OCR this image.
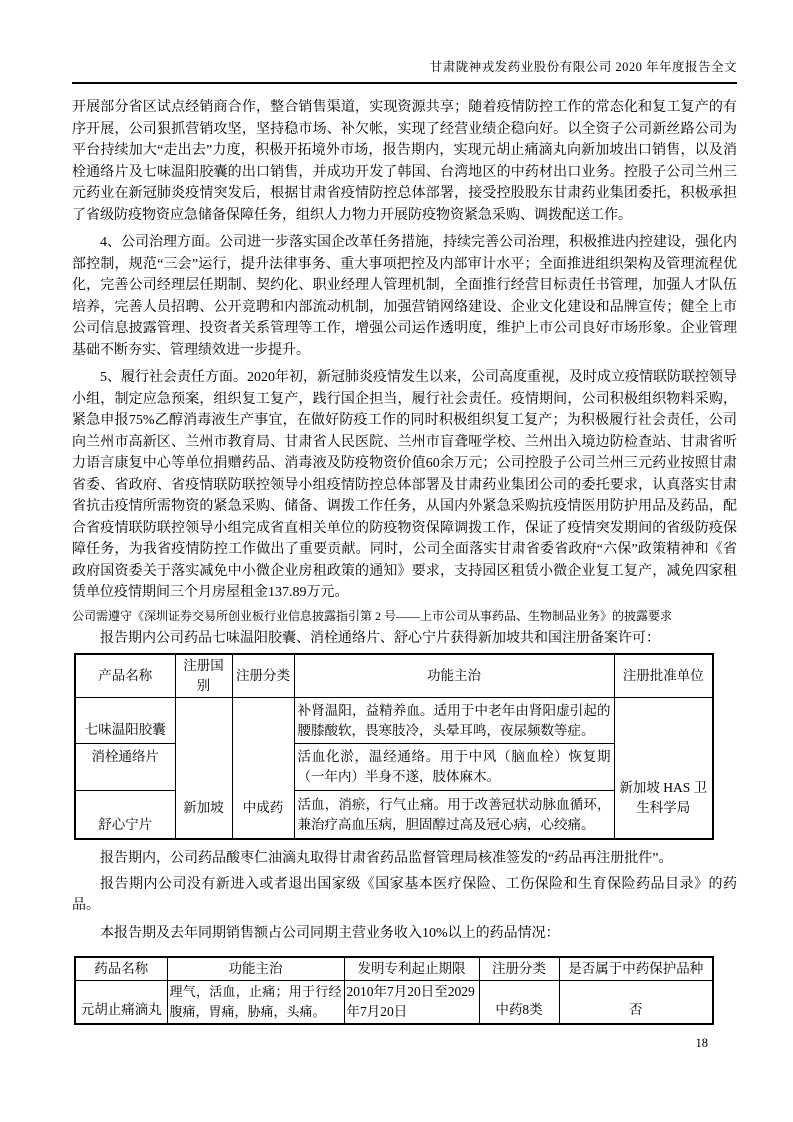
甘肃陇神戎发药业股份有限公司 2020 年年度报告全文

开展部分省区试点经销商合作，整合销售渠道，实现资源共享；随着疫情防控工作的常态化和复工复产的有序开展，公司狠抓营销攻坚，坚持稳市场、补欠帐，实现了经营业绩企稳向好。以全资子公司新丝路公司为平台持续加大“走出去”力度，积极开拓境外市场，报告期内，实现元胡止痛滴丸向新加坡出口销售，以及消栓通络片及七味温阳胶囊的出口销售，并成功开发了韩国、台湾地区的中药材出口业务。控股子公司兰州三元药业在新冠肺炎疫情突发后，根据甘肃省疫情防控总体部署，接受控股股东甘肃药业集团委托，积极承担了省级防疫物资应急储备保障任务，组织人力物力开展防疫物资紧急采购、调拨配送工作。

4、公司治理方面。公司进一步落实国企改革任务措施，持续完善公司治理，积极推进内控建设，强化内部控制，规范“三会”运行，提升法律事务、重大事项把控及内部审计水平；全面推进组织架构及管理流程优化，完善公司经理层任期制、契约化、职业经理人管理机制，全面推行经营目标责任书管理，加强人才队伍培养，完善人员招聘、公开竞聘和内部流动机制，加强营销网络建设、企业文化建设和品牌宣传；健全上市公司信息披露管理、投资者关系管理等工作，增强公司运作透明度，维护上市公司良好市场形象。企业管理基础不断夯实、管理绩效进一步提升。

5、履行社会责任方面。2020年初，新冠肺炎疫情发生以来，公司高度重视，及时成立疫情联防联控领导小组，制定应急预案，组织复工复产，践行国企担当，履行社会责任。疫情期间，公司积极组织物料采购，紧急申报75%乙醇消毒液生产事宜，在做好防疫工作的同时积极组织复工复产；为积极履行社会责任，公司向兰州市高新区、兰州市教育局、甘肃省人民医院、兰州市盲聋哑学校、兰州出入境边防检查站、甘肃省听力语言康复中心等单位捐赠药品、消毒液及防疫物资价值60余万元；公司控股子公司兰州三元药业按照甘肃省委、省政府、省疫情联防联控领导小组疫情防控总体部署及甘肃药业集团公司的委托要求，认真落实甘肃省抗击疫情所需物资的紧急采购、储备、调拨工作任务，从国内外紧急采购抗疫情医用防护用品及药品，配合省疫情联防联控领导小组完成省直相关单位的防疫物资保障调拨工作，保证了疫情突发期间的省级防疫保障任务，为我省疫情防控工作做出了重要贡献。同时，公司全面落实甘肃省委省政府“六保”政策精神和《省政府国资委关于落实减免中小微企业房租政策的通知》要求，支持园区租赁小微企业复工复产，减免四家租赁单位疫情期间三个月房屋租金137.89万元。

公司需遵守《深圳证券交易所创业板行业信息披露指引第 2 号——上市公司从事药品、生物制品业务》的披露要求

报告期内公司药品七味温阳胶囊、消栓通络片、舒心宁片获得新加坡共和国注册备案许可：

产品名称	注册国别	注册分类	功能主治	注册批准单位
七味温阳胶囊	新加坡	中成药	补肾温阳，益精养血。适用于中老年由肾阳虚引起的腰膝酸软，畏寒肢冷，头晕耳鸣，夜尿频数等症。	新加坡 HAS 卫生科学局
消栓通络片			活血化淤，温经通络。用于中风（脑血栓）恢复期（一年内）半身不遂，肢体麻木。	
舒心宁片			活血，消瘀，行气止痛。用于改善冠状动脉血循环，兼治疗高血压病，胆固醇过高及冠心病，心绞痛。	

报告期内，公司药品酸枣仁油滴丸取得甘肃省药品监督管理局核准签发的“药品再注册批件”。

报告期内公司没有新进入或者退出国家级《国家基本医疗保险、工伤保险和生育保险药品目录》的药品。

本报告期及去年同期销售额占公司同期主营业务收入10%以上的药品情况：

药品名称	功能主治	发明专利起止期限	注册分类	是否属于中药保护品种
元胡止痛滴丸	理气，活血，止痛；用于行经腹痛，胃痛，胁痛，头痛。	2010年7月20日至2029年7月20日	中药8类	否
18
